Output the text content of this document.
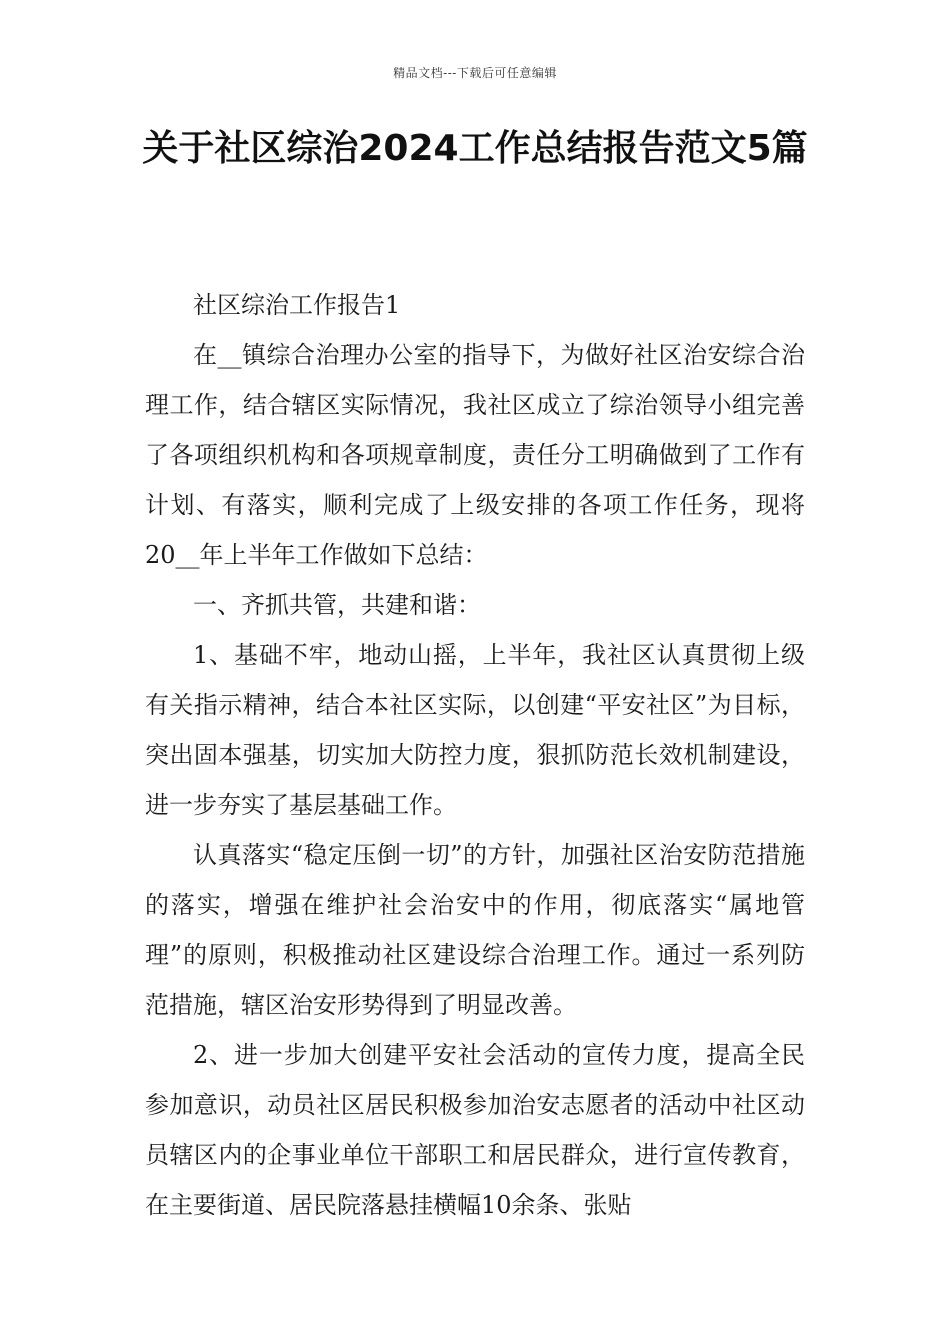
精品文档---下载后可任意编辑
关于社区综治2024工作总结报告范文5篇

社区综治工作报告1

在__镇综合治理办公室的指导下，为做好社区治安综合治理工作，结合辖区实际情况，我社区成立了综治领导小组完善了各项组织机构和各项规章制度，责任分工明确做到了工作有计划、有落实，顺利完成了上级安排的各项工作任务，现将20__年上半年工作做如下总结：

一、齐抓共管，共建和谐：

1、基础不牢，地动山摇，上半年，我社区认真贯彻上级有关指示精神，结合本社区实际，以创建“平安社区”为目标，突出固本强基，切实加大防控力度，狠抓防范长效机制建设，进一步夯实了基层基础工作。

认真落实“稳定压倒一切”的方针，加强社区治安防范措施的落实，增强在维护社会治安中的作用，彻底落实“属地管理”的原则，积极推动社区建设综合治理工作。通过一系列防范措施，辖区治安形势得到了明显改善。

2、进一步加大创建平安社会活动的宣传力度，提高全民参加意识，动员社区居民积极参加治安志愿者的活动中社区动员辖区内的企事业单位干部职工和居民群众，进行宣传教育，在主要街道、居民院落悬挂横幅10余条、张贴
